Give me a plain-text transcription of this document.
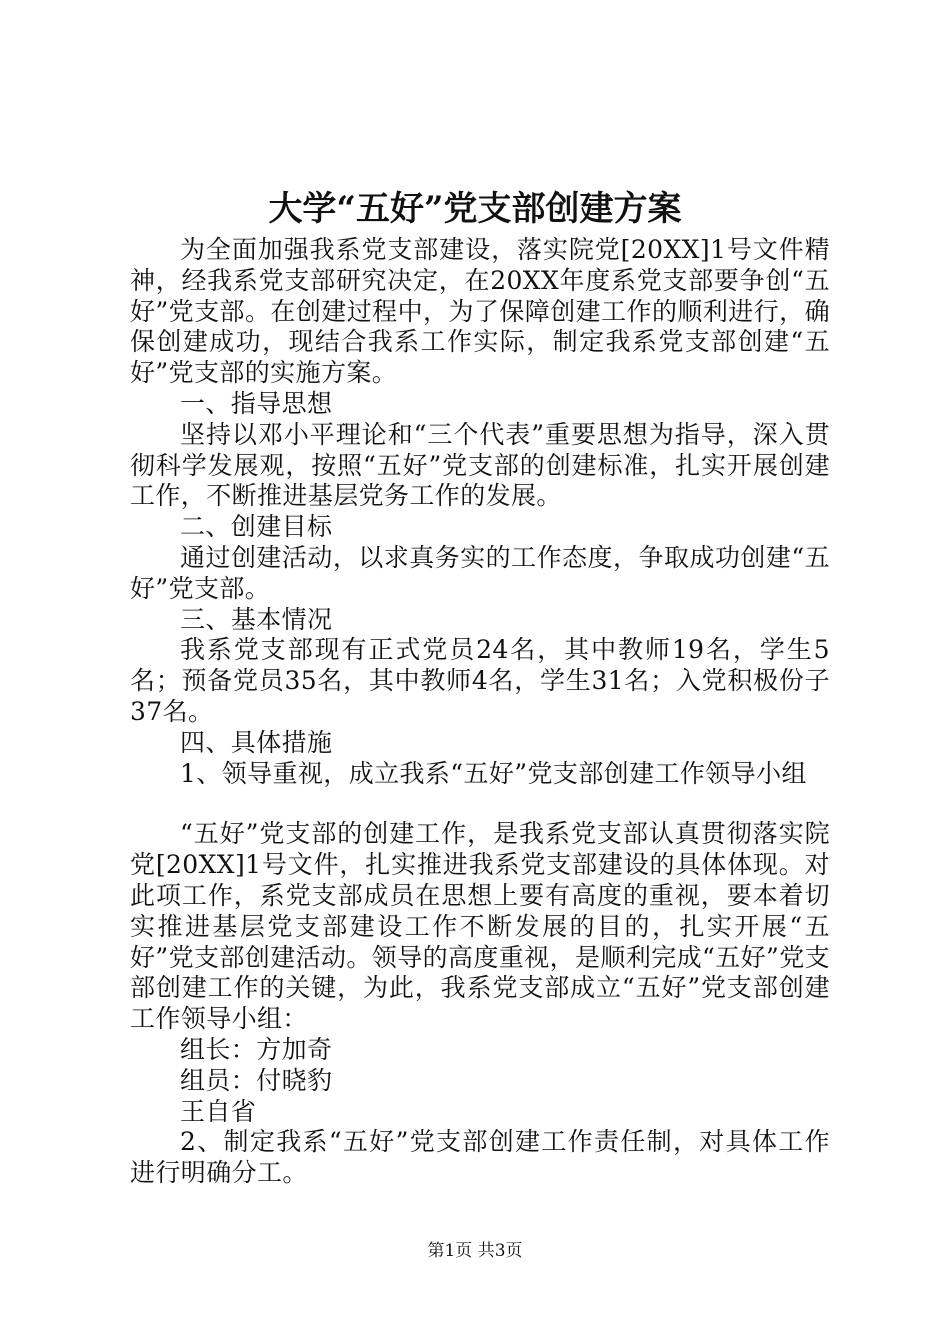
大学“五好”党支部创建方案

为全面加强我系党支部建设，落实院党[20XX]1号文件精神，经我系党支部研究决定，在20XX年度系党支部要争创“五好”党支部。在创建过程中，为了保障创建工作的顺利进行，确保创建成功，现结合我系工作实际，制定我系党支部创建“五好”党支部的实施方案。

一、指导思想

坚持以邓小平理论和“三个代表”重要思想为指导，深入贯彻科学发展观，按照“五好”党支部的创建标准，扎实开展创建工作，不断推进基层党务工作的发展。

二、创建目标

通过创建活动，以求真务实的工作态度，争取成功创建“五好”党支部。

三、基本情况

我系党支部现有正式党员24名，其中教师19名，学生5名；预备党员35名，其中教师4名，学生31名；入党积极份子37名。

四、具体措施

1、领导重视，成立我系“五好”党支部创建工作领导小组

“五好”党支部的创建工作，是我系党支部认真贯彻落实院党[20XX]1号文件，扎实推进我系党支部建设的具体体现。对此项工作，系党支部成员在思想上要有高度的重视，要本着切实推进基层党支部建设工作不断发展的目的，扎实开展“五好”党支部创建活动。领导的高度重视，是顺利完成“五好”党支部创建工作的关键，为此，我系党支部成立“五好”党支部创建工作领导小组：

组长：方加奇

组员：付晓豹

王自省

2、制定我系“五好”党支部创建工作责任制，对具体工作进行明确分工。

第1页 共3页
